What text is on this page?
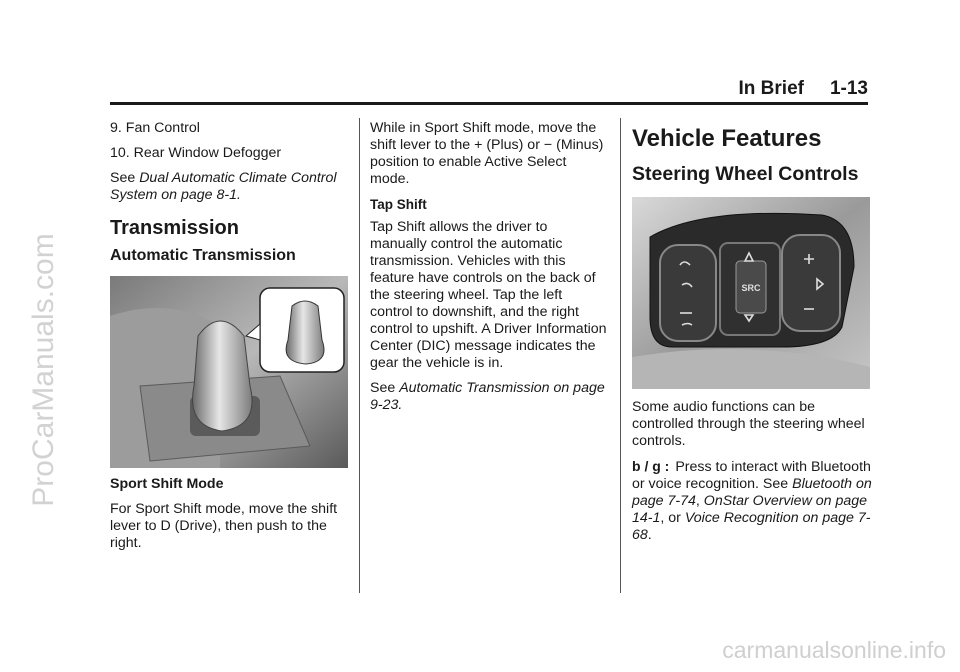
ProCarManuals.com
carmanualsonline.info
In Brief 1-13

9. Fan Control

10. Rear Window Defogger

See Dual Automatic Climate Control System on page 8-1.

Transmission
Automatic Transmission

Sport Shift Mode

For Sport Shift mode, move the shift lever to D (Drive), then push to the right.

While in Sport Shift mode, move the shift lever to the + (Plus) or − (Minus) position to enable Active Select mode.

Tap Shift

Tap Shift allows the driver to manually control the automatic transmission. Vehicles with this feature have controls on the back of the steering wheel. Tap the left control to downshift, and the right control to upshift. A Driver Information Center (DIC) message indicates the gear the vehicle is in.

See Automatic Transmission on page 9-23.

Vehicle Features
Steering Wheel Controls
SRC

Some audio functions can be controlled through the steering wheel controls.

b / g : Press to interact with Bluetooth or voice recognition. See Bluetooth on page 7-74, OnStar Overview on page 14-1, or Voice Recognition on page 7-68.
